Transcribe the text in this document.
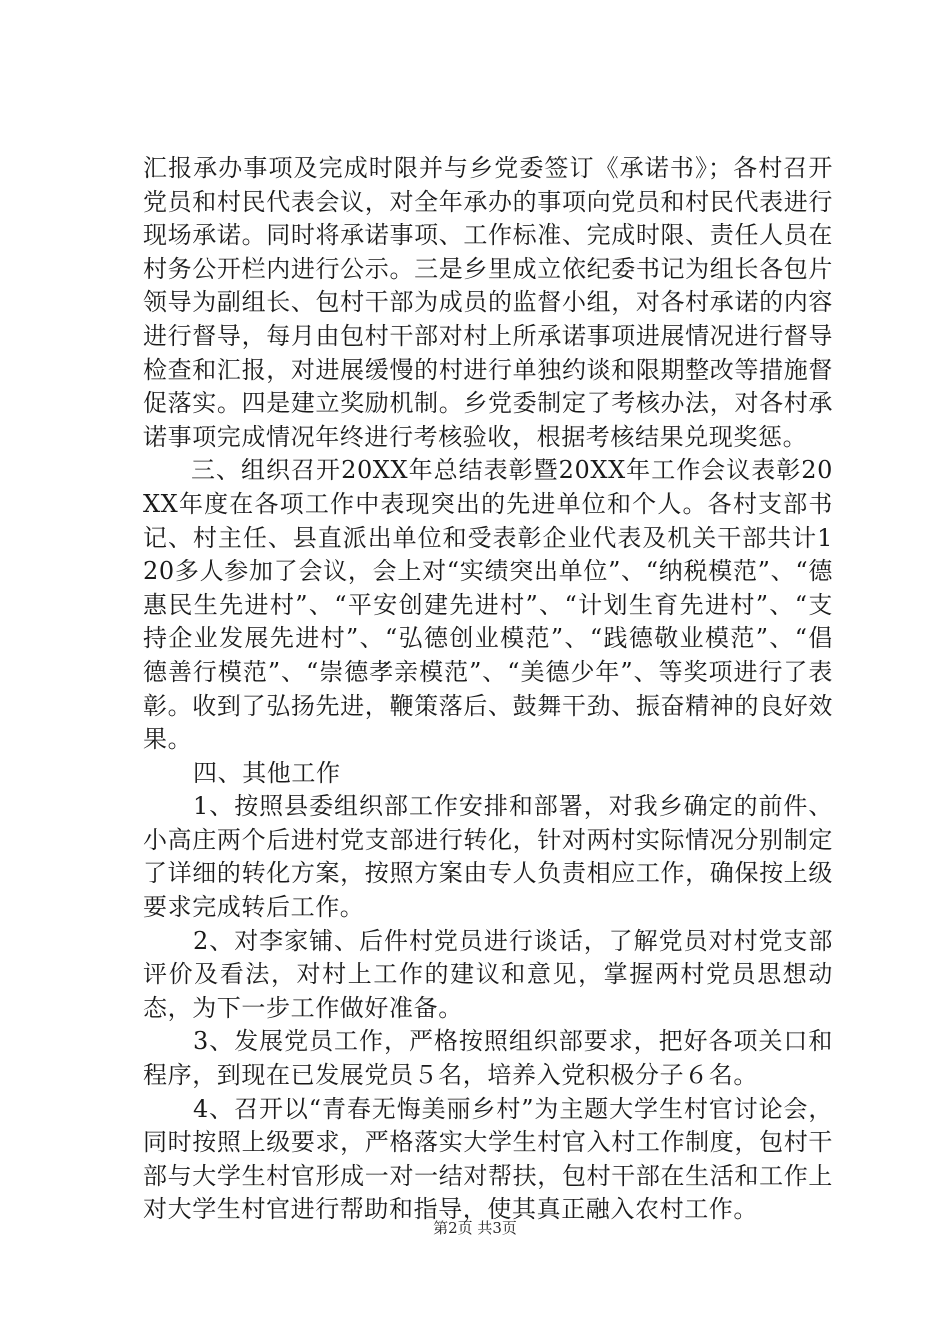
汇报承办事项及完成时限并与乡党委签订《承诺书》；各村召开党员和村民代表会议，对全年承办的事项向党员和村民代表进行现场承诺。同时将承诺事项、工作标准、完成时限、责任人员在村务公开栏内进行公示。三是乡里成立依纪委书记为组长各包片领导为副组长、包村干部为成员的监督小组，对各村承诺的内容进行督导，每月由包村干部对村上所承诺事项进展情况进行督导检查和汇报，对进展缓慢的村进行单独约谈和限期整改等措施督促落实。四是建立奖励机制。乡党委制定了考核办法，对各村承诺事项完成情况年终进行考核验收，根据考核结果兑现奖惩。

三、组织召开20XX年总结表彰暨20XX年工作会议表彰20XX年度在各项工作中表现突出的先进单位和个人。各村支部书记、村主任、县直派出单位和受表彰企业代表及机关干部共计120多人参加了会议，会上对“实绩突出单位”、“纳税模范”、“德惠民生先进村”、“平安创建先进村”、“计划生育先进村”、“支持企业发展先进村”、“弘德创业模范”、“践德敬业模范”、“倡德善行模范”、“崇德孝亲模范”、“美德少年”、等奖项进行了表彰。收到了弘扬先进，鞭策落后、鼓舞干劲、振奋精神的良好效果。

四、其他工作

1、按照县委组织部工作安排和部署，对我乡确定的前件、小高庄两个后进村党支部进行转化，针对两村实际情况分别制定了详细的转化方案，按照方案由专人负责相应工作，确保按上级要求完成转后工作。

2、对李家铺、后件村党员进行谈话，了解党员对村党支部评价及看法，对村上工作的建议和意见，掌握两村党员思想动态，为下一步工作做好准备。

3、发展党员工作，严格按照组织部要求，把好各项关口和程序，到现在已发展党员５名，培养入党积极分子６名。

4、召开以“青春无悔美丽乡村”为主题大学生村官讨论会，同时按照上级要求，严格落实大学生村官入村工作制度，包村干部与大学生村官形成一对一结对帮扶，包村干部在生活和工作上对大学生村官进行帮助和指导，使其真正融入农村工作。

第2页 共3页
